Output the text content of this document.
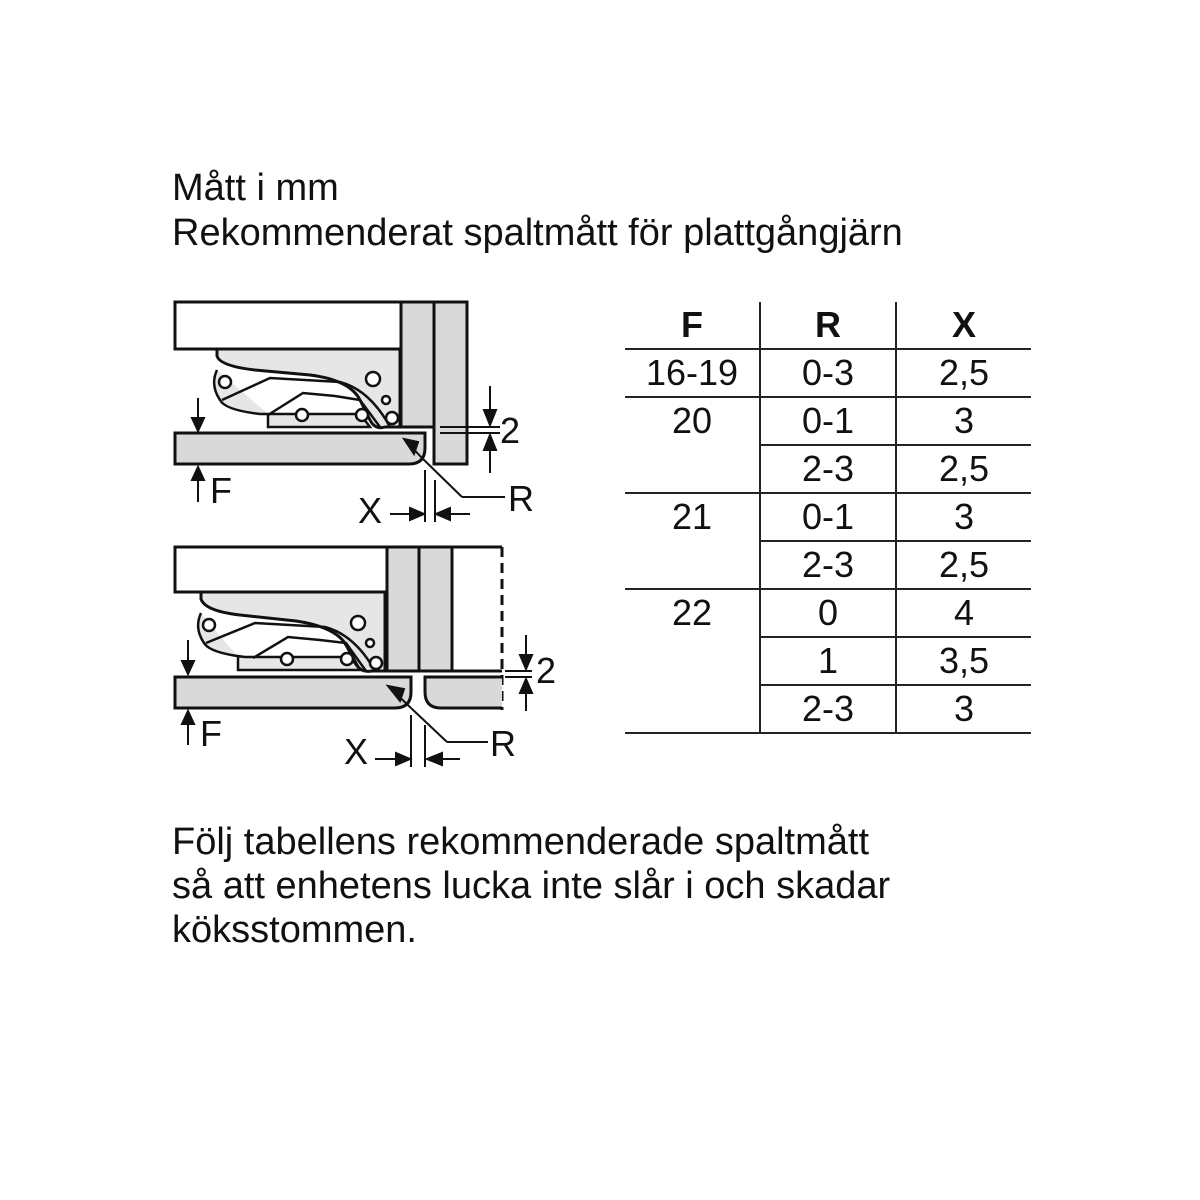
Mått i mm
Rekommenderat spaltmått för plattgångjärn
F	X	R
2
F	X	R
2
F	R	X
16-19	0-3	2,5
20	0-1	3
	2-3	2,5
21	0-1	3
	2-3	2,5
22	0	4
	1	3,5
	2-3	3
Följ tabellens rekommenderade spaltmått
så att enhetens lucka inte slår i och skadar
köksstommen.
